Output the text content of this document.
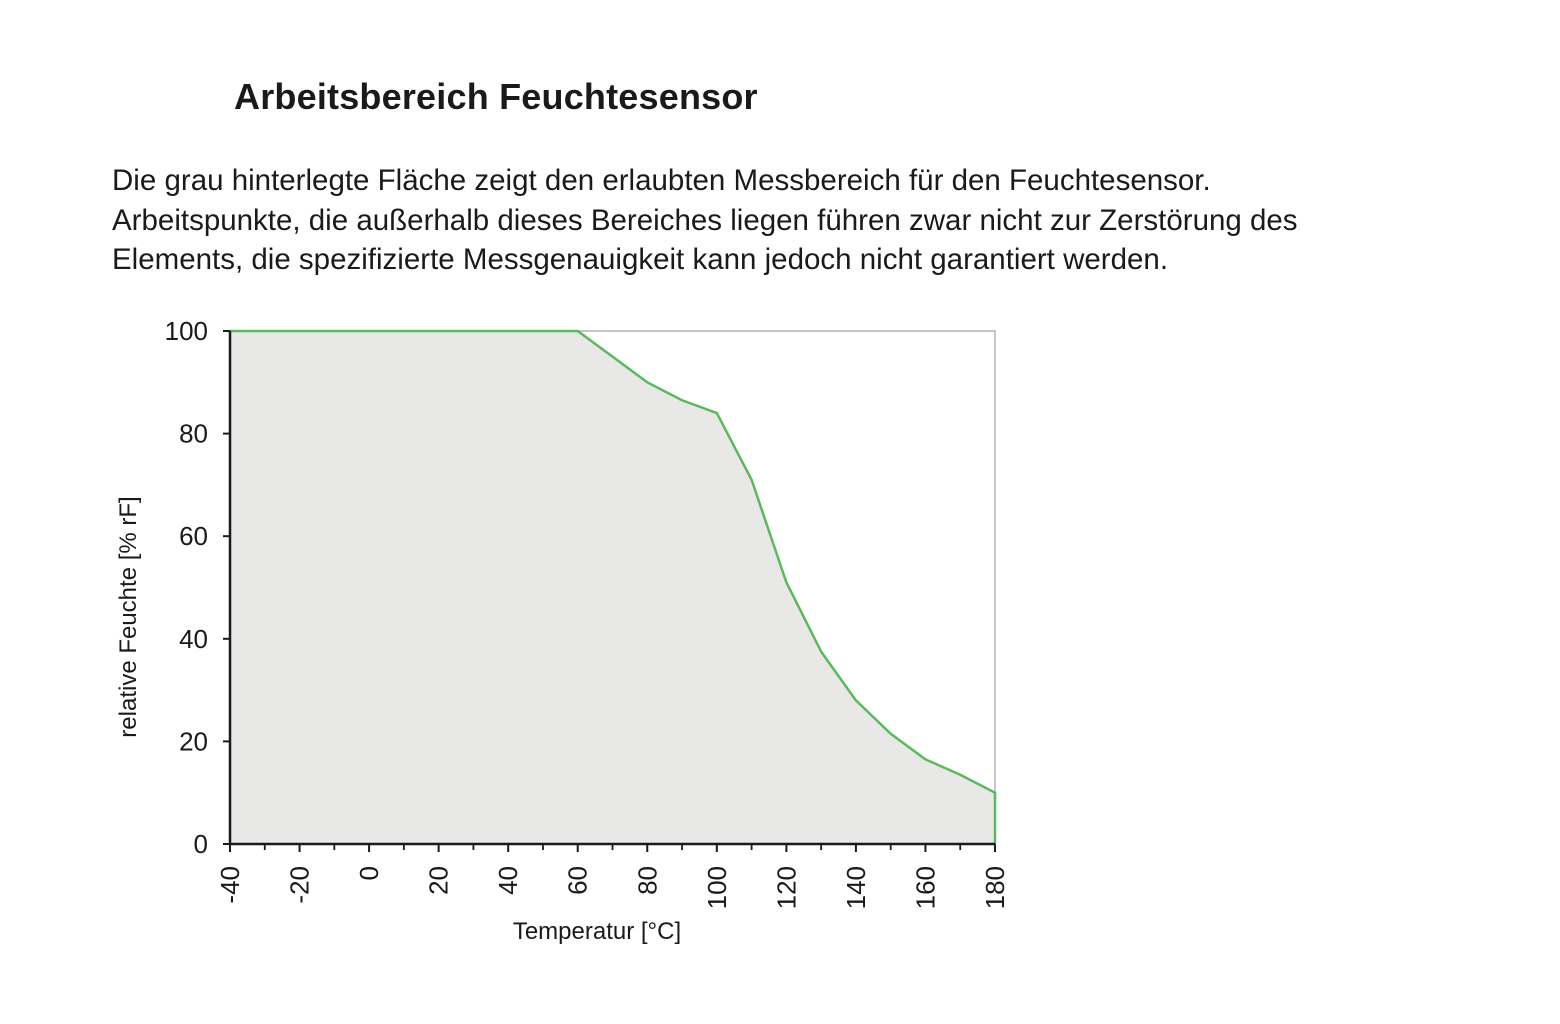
Arbeitsbereich Feuchtesensor
Die grau hinterlegte Fläche zeigt den erlaubten Messbereich für den Feuchtesensor.
Arbeitspunkte, die außerhalb dieses Bereiches liegen führen zwar nicht zur Zerstörung des
Elements, die spezifizierte Messgenauigkeit kann jedoch nicht garantiert werden.
0
20
40
60
80
100
-40 -20 0 20 40 60 80 100 120 140 160 180
Temperatur [°C]
relative Feuchte [% rF]
